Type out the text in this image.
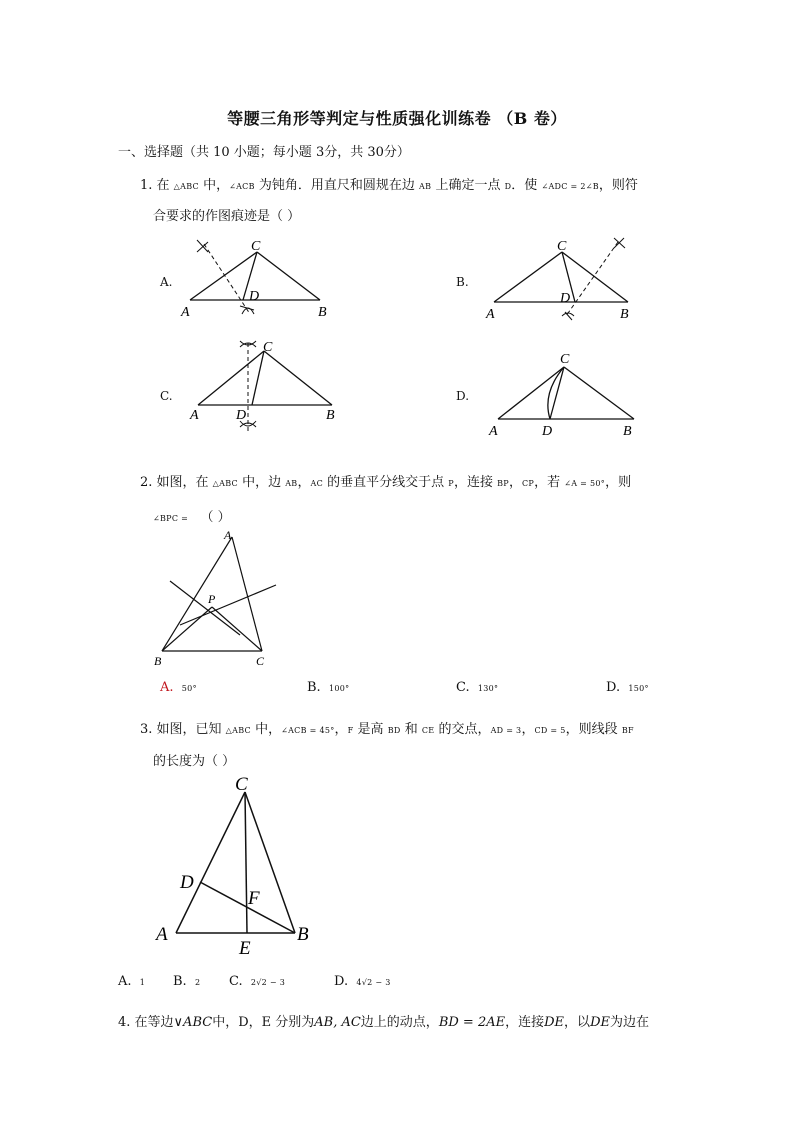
等腰三角形等判定与性质强化训练卷 （B 卷）
一、选择题（共 10 小题；每小题 3分，共 30分）
1. 在 △ABC 中，∠ACB 为钝角．用直尺和圆规在边 AB 上确定一点 D．使 ∠ADC = 2∠B，则符
合要求的作图痕迹是（ ）
A.	B.
C.	D.
C
A	B
D
C
A	B
D
C
A	B
D
C
A	B
D
2. 如图，在 △ABC 中，边 AB，AC 的垂直平分线交于点 P，连接 BP，CP，若 ∠A = 50°，则
∠BPC = （ ）
A
B	C
P
A. 50°	B. 100°	C. 130°	D. 150°
3. 如图，已知 △ABC 中，∠ACB = 45°，F 是高 BD 和 CE 的交点，AD = 3，CD = 5，则线段 BF
的长度为（ ）
C
D
F
A	B
E
A. 1 B. 2 C. 2√2 − 3	D. 4√2 − 3
4. 在等边∨ABC中，D，E 分别为AB, AC边上的动点，BD = 2AE，连接DE，以DE为边在
